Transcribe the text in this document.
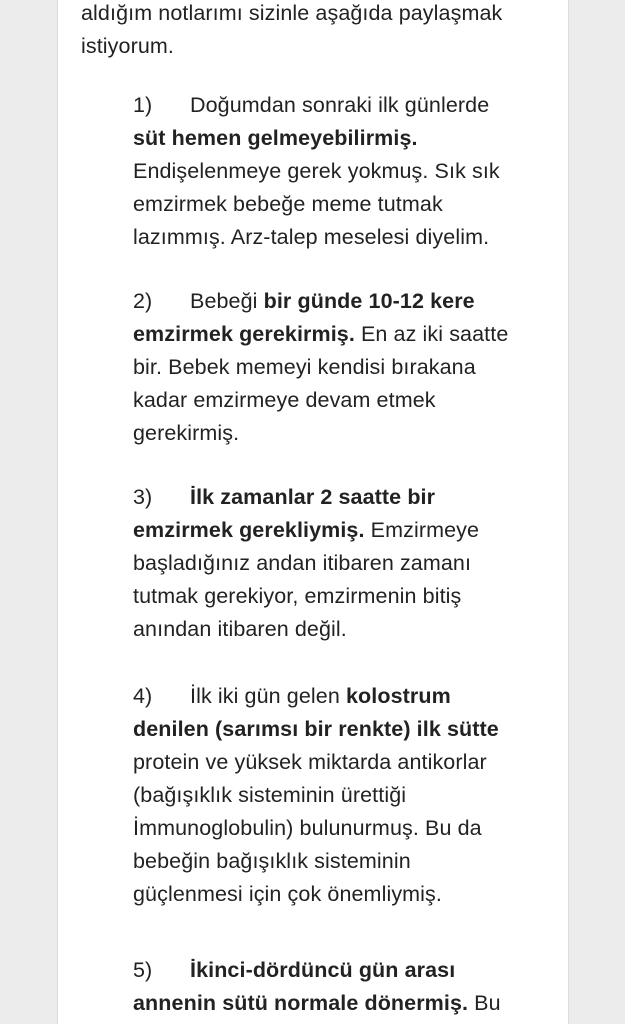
aldığım notlarımı sizinle aşağıda paylaşmak
istiyorum.
1) Doğumdan sonraki ilk günlerde
süt hemen gelmeyebilirmiş.
Endişelenmeye gerek yokmuş. Sık sık
emzirmek bebeğe meme tutmak
lazımmış. Arz-talep meselesi diyelim.
2) Bebeği bir günde 10-12 kere
emzirmek gerekirmiş. En az iki saatte
bir. Bebek memeyi kendisi bırakana
kadar emzirmeye devam etmek
gerekirmiş.
3) İlk zamanlar 2 saatte bir
emzirmek gerekliymiş. Emzirmeye
başladığınız andan itibaren zamanı
tutmak gerekiyor, emzirmenin bitiş
anından itibaren değil.
4) İlk iki gün gelen kolostrum
denilen (sarımsı bir renkte) ilk sütte
protein ve yüksek miktarda antikorlar
(bağışıklık sisteminin ürettiği
İmmunoglobulin) bulunurmuş. Bu da
bebeğin bağışıklık sisteminin
güçlenmesi için çok önemliymiş.
5) İkinci-dördüncü gün arası
annenin sütü normale dönermiş. Bu
